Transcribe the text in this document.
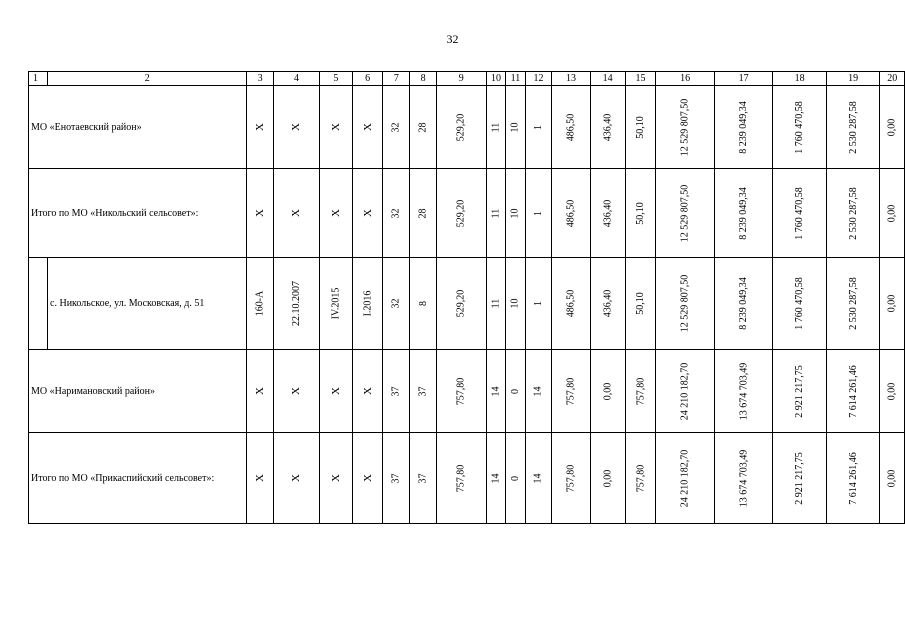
32
1	2	3	4	5	6	7	8	9	10	11	12	13	14	15	16	17	18	19	20
МО «Енотаевский район»		Х	Х	Х	Х	32	28	529,20	11	10	1	486,50	436,40	50,10	12 529 807,50	8 239 049,34	1 760 470,58	2 530 287,58	0,00
Итого по МО «Никольский сельсовет»:		Х	Х	Х	Х	32	28	529,20	11	10	1	486,50	436,40	50,10	12 529 807,50	8 239 049,34	1 760 470,58	2 530 287,58	0,00
	с. Никольское, ул. Московская, д. 51	160-А	22.10.2007	IV.2015	I.2016	32	8	529,20	11	10	1	486,50	436,40	50,10	12 529 807,50	8 239 049,34	1 760 470,58	2 530 287,58	0,00
МО «Наримановский район»		Х	Х	Х	Х	37	37	757,80	14	0	14	757,80	0,00	757,80	24 210 182,70	13 674 703,49	2 921 217,75	7 614 261,46	0,00
Итого по МО «Прикаспийский сельсовет»:		Х	Х	Х	Х	37	37	757,80	14	0	14	757,80	0,00	757,80	24 210 182,70	13 674 703,49	2 921 217,75	7 614 261,46	0,00
